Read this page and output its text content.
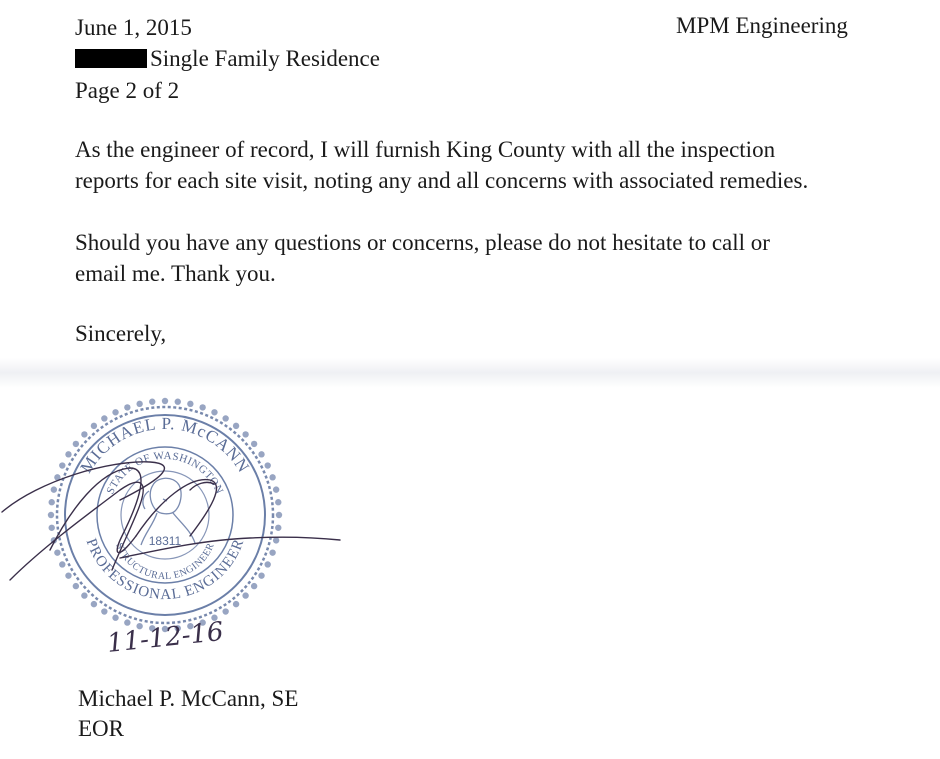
June 1, 2015	MPM Engineering
Single Family Residence
Page 2 of 2
As the engineer of record, I will furnish King County with all the inspection
reports for each site visit, noting any and all concerns with associated remedies.
Should you have any questions or concerns, please do not hesitate to call or
email me. Thank you.
Sincerely,
MICHAEL P. McCANN
PROFESSIONAL ENGINEER
STATE OF WASHINGTON
STRUCTURAL ENGINEER
18311
11-12-16
Michael P. McCann, SE
EOR
